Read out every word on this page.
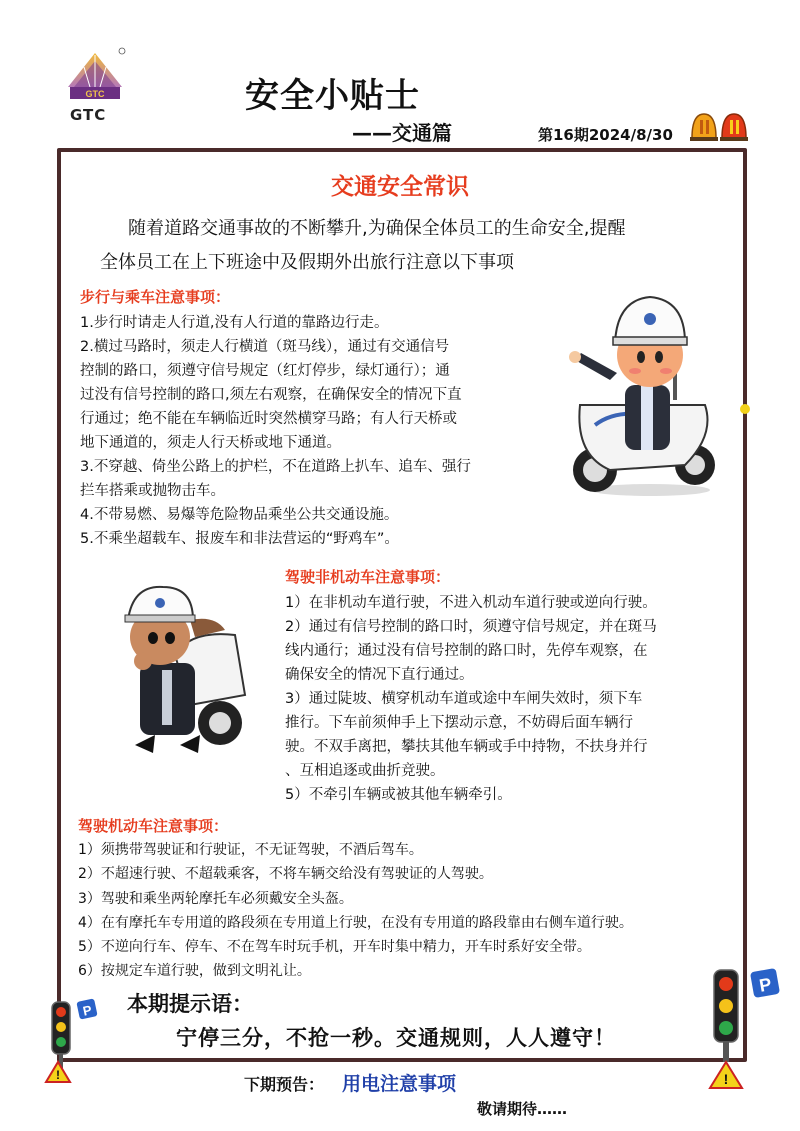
GTC
GTC	安全小贴士
——交通篇	第16期2024/8/30
交通安全常识
随着道路交通事故的不断攀升,为确保全体员工的生命安全,提醒
全体员工在上下班途中及假期外出旅行注意以下事项
步行与乘车注意事项：
1.步行时请走人行道,没有人行道的靠路边行走。
2.横过马路时，须走人行横道（斑马线），通过有交通信号
控制的路口，须遵守信号规定（红灯停步，绿灯通行）；通
过没有信号控制的路口,须左右观察，在确保安全的情况下直
行通过；绝不能在车辆临近时突然横穿马路；有人行天桥或
地下通道的，须走人行天桥或地下通道。
3.不穿越、倚坐公路上的护栏，不在道路上扒车、追车、强行
拦车搭乘或抛物击车。
4.不带易燃、易爆等危险物品乘坐公共交通设施。
5.不乘坐超载车、报废车和非法营运的“野鸡车”。
驾驶非机动车注意事项：
1）在非机动车道行驶，不进入机动车道行驶或逆向行驶。
2）通过有信号控制的路口时，须遵守信号规定，并在斑马
线内通行；通过没有信号控制的路口时，先停车观察，在
确保安全的情况下直行通过。
3）通过陡坡、横穿机动车道或途中车闸失效时，须下车
推行。下车前须伸手上下摆动示意，不妨碍后面车辆行
驶。不双手离把，攀扶其他车辆或手中持物，不扶身并行
、互相追逐或曲折竞驶。
5）不牵引车辆或被其他车辆牵引。
驾驶机动车注意事项：
1）须携带驾驶证和行驶证，不无证驾驶，不酒后驾车。
2）不超速行驶、不超载乘客，不将车辆交给没有驾驶证的人驾驶。
3）驾驶和乘坐两轮摩托车必须戴安全头盔。
4）在有摩托车专用道的路段须在专用道上行驶，在没有专用道的路段靠由右侧车道行驶。
5）不逆向行车、停车、不在驾车时玩手机，开车时集中精力，开车时系好安全带。
6）按规定车道行驶，做到文明礼让。
P
!
P
!
本期提示语：
宁停三分，不抢一秒。交通规则，人人遵守！
下期预告： 用电注意事项
敬请期待……
